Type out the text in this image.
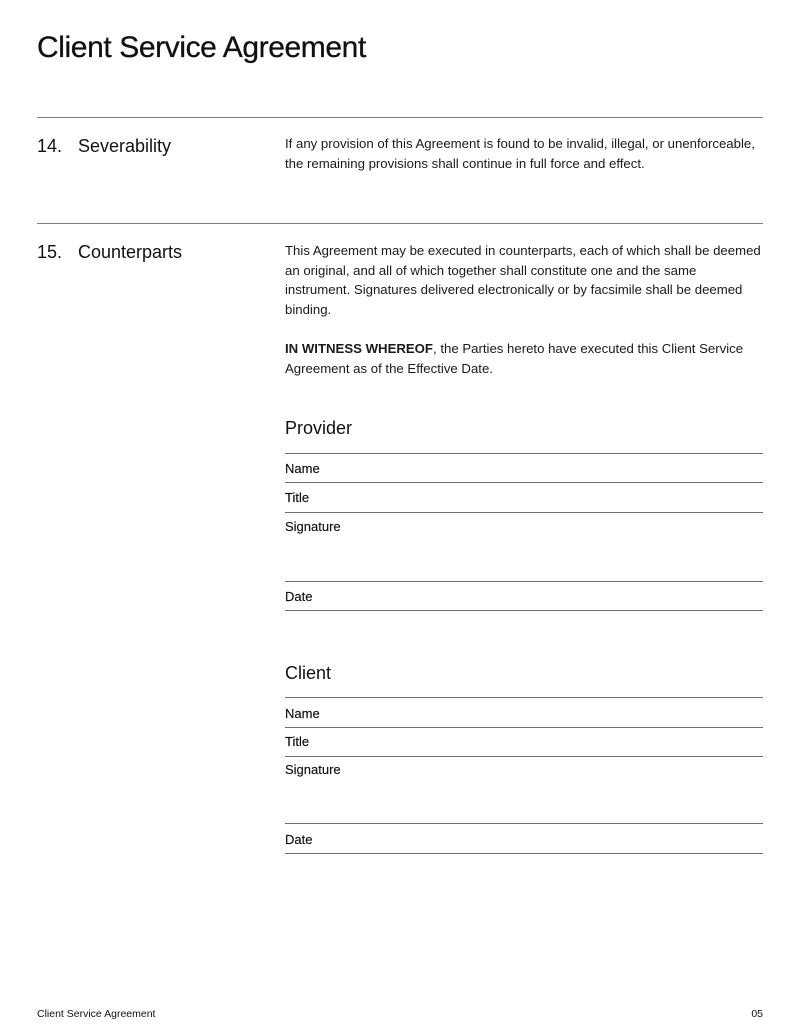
Client Service Agreement
14. Severability	If any provision of this Agreement is found to be invalid, illegal, or unenforceable, the remaining provisions shall continue in full force and effect.

15. Counterparts	This Agreement may be executed in counterparts, each of which shall be deemed an original, and all of which together shall constitute one and the same instrument. Signatures delivered electronically or by facsimile shall be deemed binding.

IN WITNESS WHEREOF, the Parties hereto have executed this Client Service Agreement as of the Effective Date.

Provider
Name
Title
Signature
Date
Client
Name
Title
Signature
Date
Client Service Agreement	05
